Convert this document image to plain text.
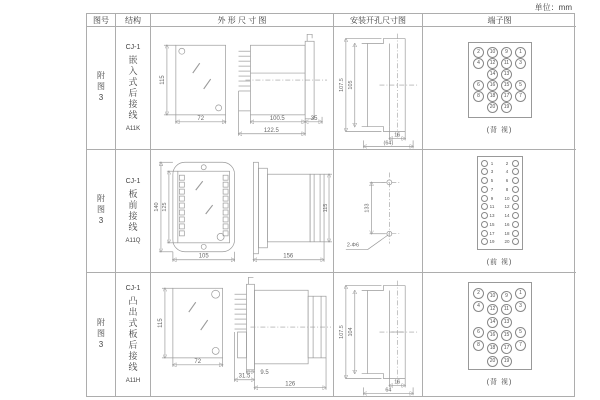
单位：mm
图号	结构	外 形 尺 寸 图	安装开孔尺寸图	端子图
附图3
CJ-1
嵌入式后接线
A11K
115
72	100.5	35
122.5
107.5 105
16
(64)
2	10	9	1
4	12	11	3
14	13
6	16	15	5
8	18	17	7
20	19
(背 视)
附图3
CJ-1
板前接线
A11Q
140 125
105	156
115	133
2-Φ6
1	2
3	4
5	6
7	8
9	10
11	12
13	14
15	16
17	18
19	20
(前 视)
附图3
CJ-1
凸出式板后接线
A11H
115
72
9.5
31.5
126
107.5 104
16
64
2	10	9	1
4	12	11	3
14	13
6	16	15	5
8	18	17	7
20	19
(背 视)
